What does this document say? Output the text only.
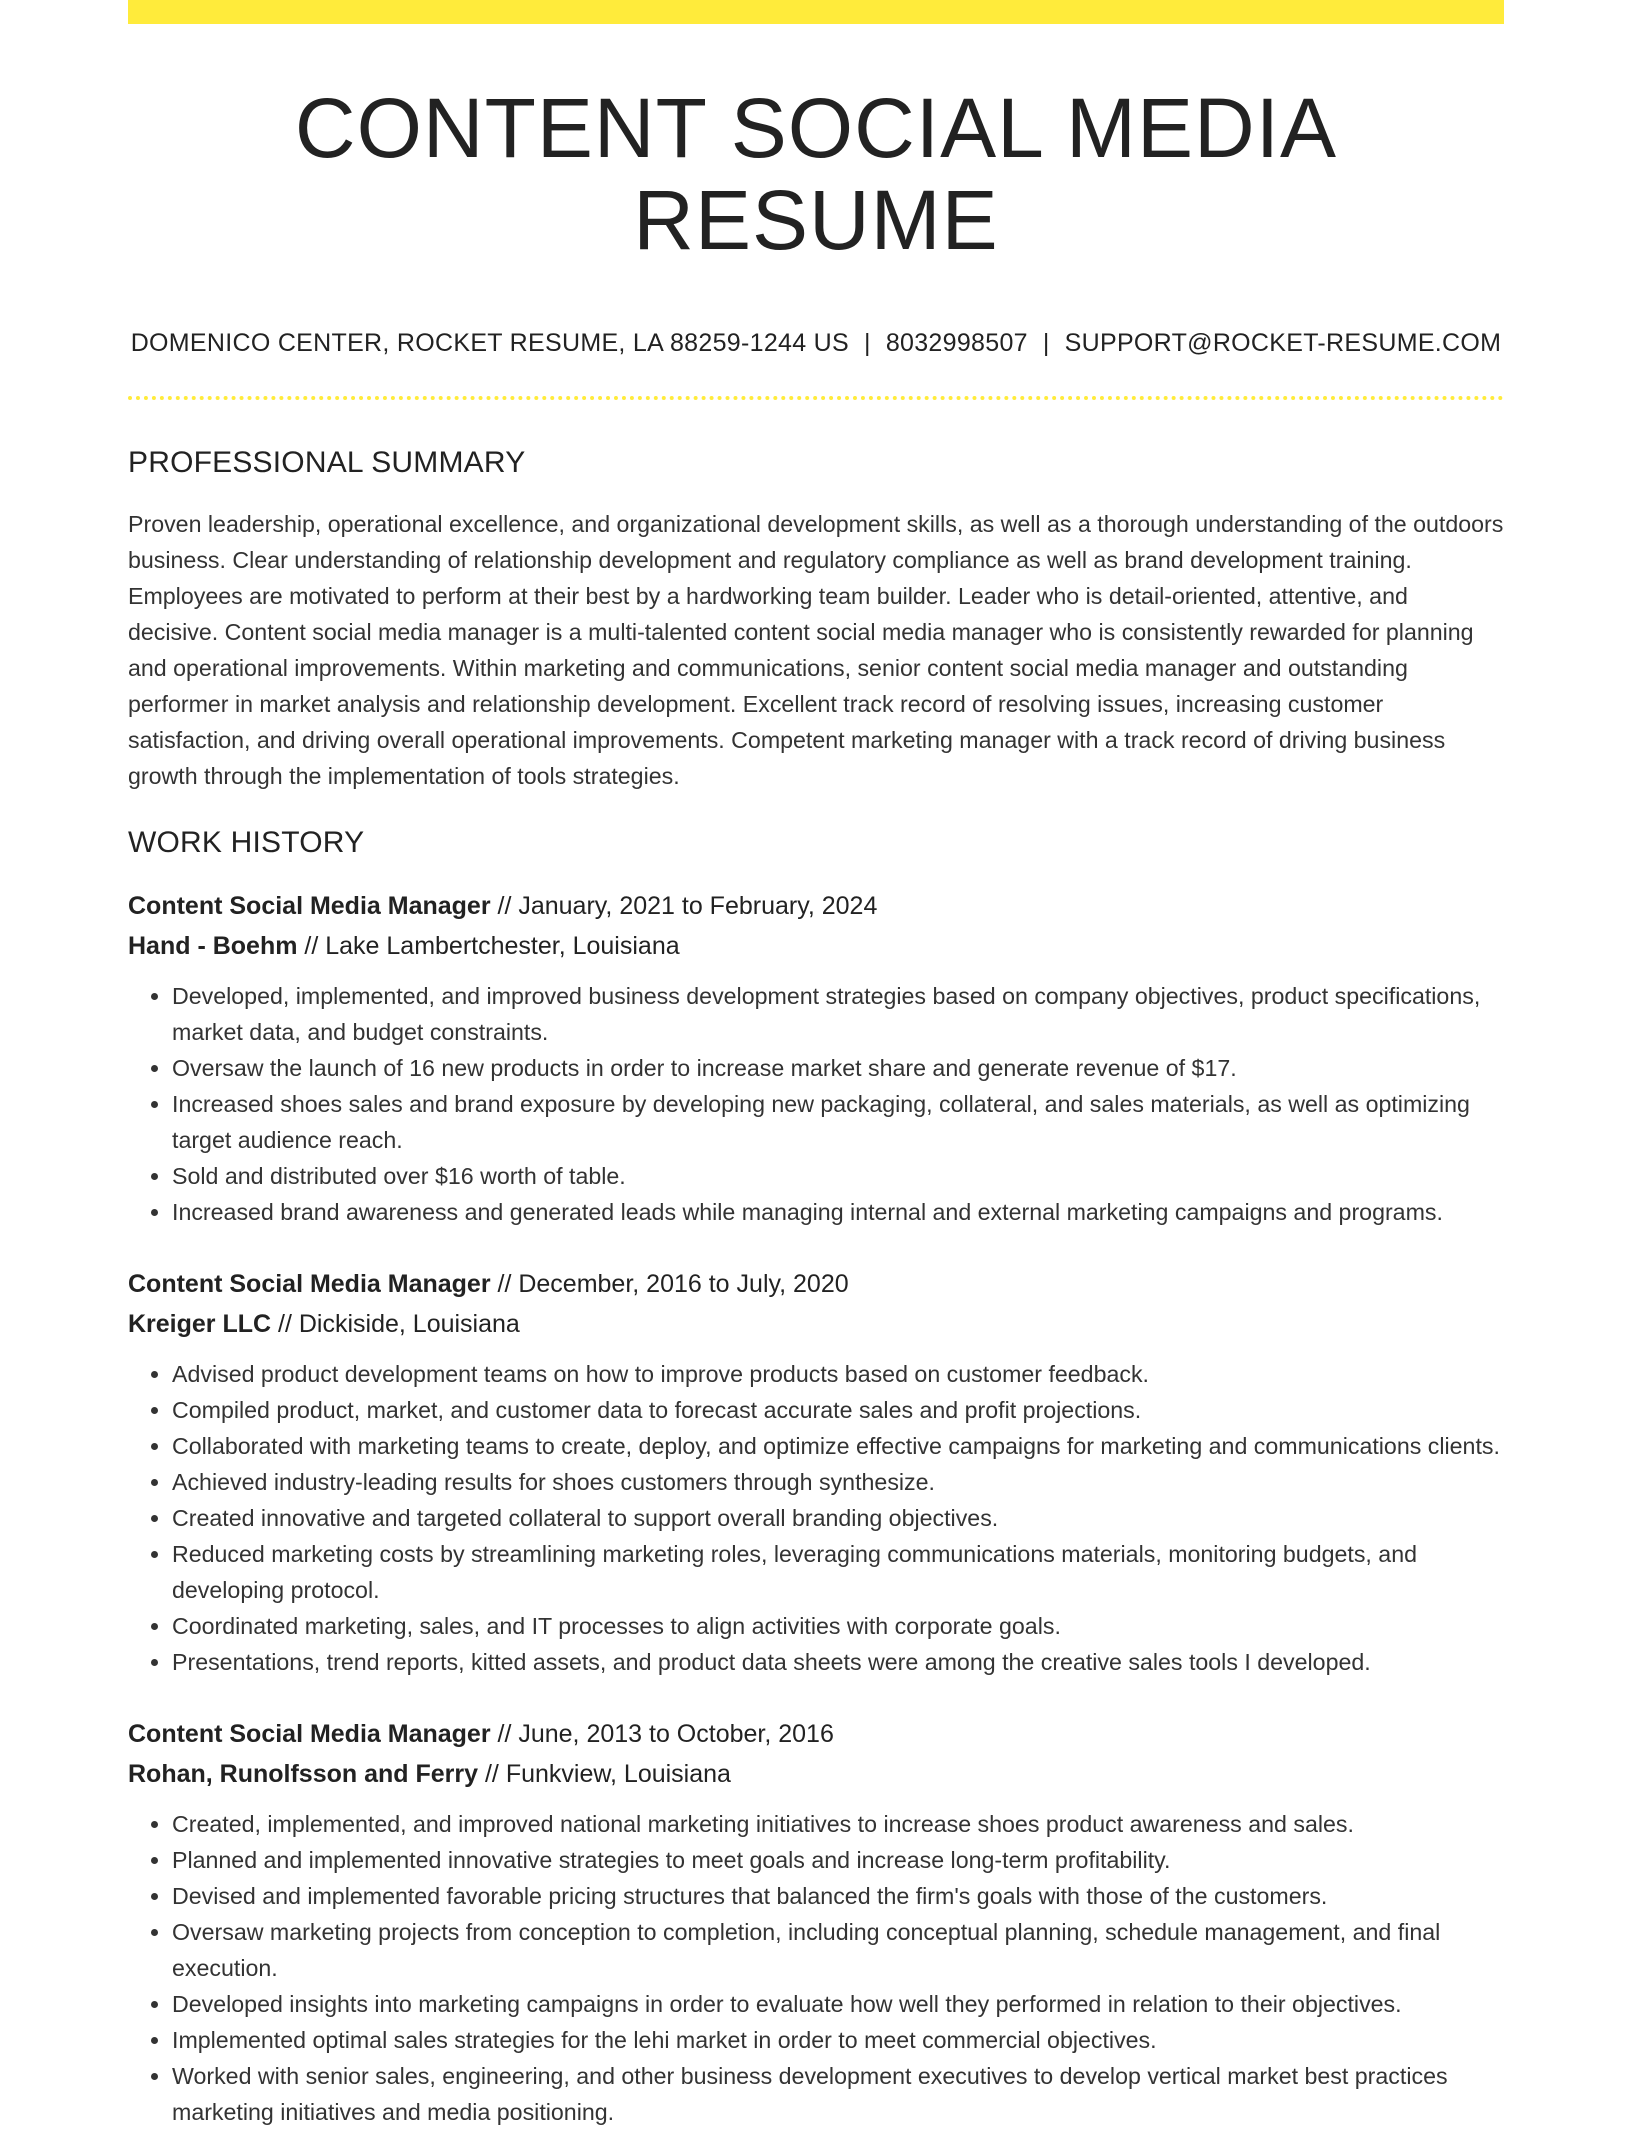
CONTENT SOCIAL MEDIA RESUME
DOMENICO CENTER, ROCKET RESUME, LA 88259-1244 US | 8032998507 | SUPPORT@ROCKET-RESUME.COM
PROFESSIONAL SUMMARY

Proven leadership, operational excellence, and organizational development skills, as well as a thorough understanding of the outdoors business. Clear understanding of relationship development and regulatory compliance as well as brand development training. Employees are motivated to perform at their best by a hardworking team builder. Leader who is detail-oriented, attentive, and decisive. Content social media manager is a multi-talented content social media manager who is consistently rewarded for planning and operational improvements. Within marketing and communications, senior content social media manager and outstanding performer in market analysis and relationship development. Excellent track record of resolving issues, increasing customer satisfaction, and driving overall operational improvements. Competent marketing manager with a track record of driving business growth through the implementation of tools strategies.

WORK HISTORY
Content Social Media Manager // January, 2021 to February, 2024
Hand - Boehm // Lake Lambertchester, Louisiana
• Developed, implemented, and improved business development strategies based on company objectives, product specifications, market data, and budget constraints.
• Oversaw the launch of 16 new products in order to increase market share and generate revenue of $17.
• Increased shoes sales and brand exposure by developing new packaging, collateral, and sales materials, as well as optimizing target audience reach.
• Sold and distributed over $16 worth of table.
• Increased brand awareness and generated leads while managing internal and external marketing campaigns and programs.
Content Social Media Manager // December, 2016 to July, 2020
Kreiger LLC // Dickiside, Louisiana
• Advised product development teams on how to improve products based on customer feedback.
• Compiled product, market, and customer data to forecast accurate sales and profit projections.
• Collaborated with marketing teams to create, deploy, and optimize effective campaigns for marketing and communications clients.
• Achieved industry-leading results for shoes customers through synthesize.
• Created innovative and targeted collateral to support overall branding objectives.
• Reduced marketing costs by streamlining marketing roles, leveraging communications materials, monitoring budgets, and developing protocol.
• Coordinated marketing, sales, and IT processes to align activities with corporate goals.
• Presentations, trend reports, kitted assets, and product data sheets were among the creative sales tools I developed.
Content Social Media Manager // June, 2013 to October, 2016
Rohan, Runolfsson and Ferry // Funkview, Louisiana
• Created, implemented, and improved national marketing initiatives to increase shoes product awareness and sales.
• Planned and implemented innovative strategies to meet goals and increase long-term profitability.
• Devised and implemented favorable pricing structures that balanced the firm's goals with those of the customers.
• Oversaw marketing projects from conception to completion, including conceptual planning, schedule management, and final execution.
• Developed insights into marketing campaigns in order to evaluate how well they performed in relation to their objectives.
• Implemented optimal sales strategies for the lehi market in order to meet commercial objectives.
• Worked with senior sales, engineering, and other business development executives to develop vertical market best practices marketing initiatives and media positioning.
